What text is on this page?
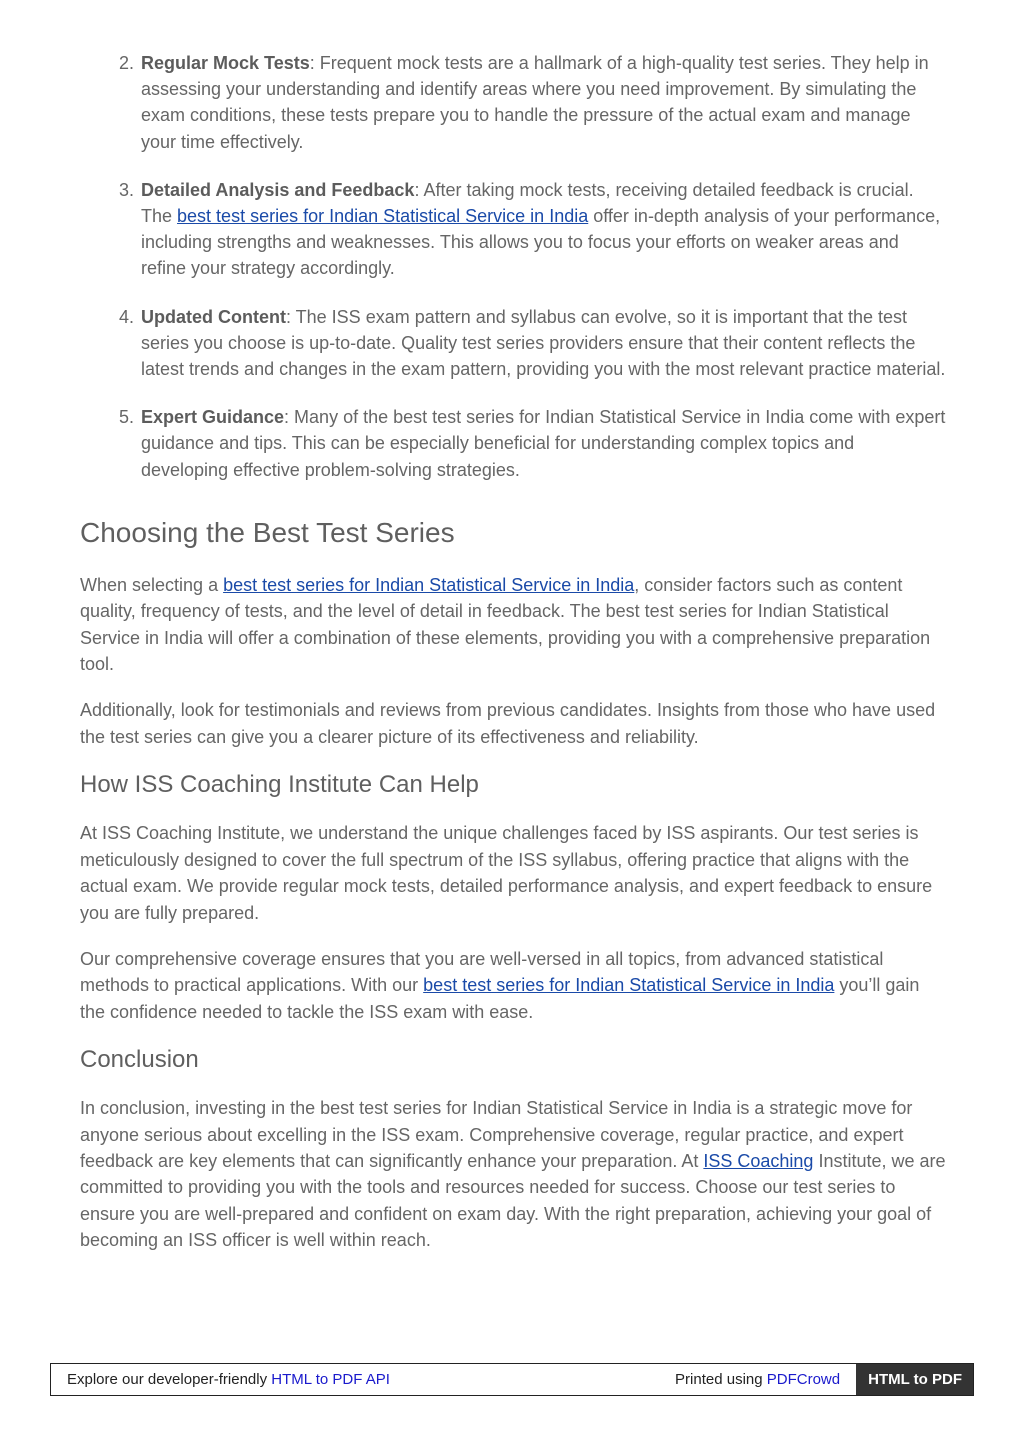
2. Regular Mock Tests: Frequent mock tests are a hallmark of a high-quality test series. They help in assessing your understanding and identify areas where you need improvement. By simulating the exam conditions, these tests prepare you to handle the pressure of the actual exam and manage your time effectively.
3. Detailed Analysis and Feedback: After taking mock tests, receiving detailed feedback is crucial. The best test series for Indian Statistical Service in India offer in-depth analysis of your performance, including strengths and weaknesses. This allows you to focus your efforts on weaker areas and refine your strategy accordingly.
4. Updated Content: The ISS exam pattern and syllabus can evolve, so it is important that the test series you choose is up-to-date. Quality test series providers ensure that their content reflects the latest trends and changes in the exam pattern, providing you with the most relevant practice material.
5. Expert Guidance: Many of the best test series for Indian Statistical Service in India come with expert guidance and tips. This can be especially beneficial for understanding complex topics and developing effective problem-solving strategies.
Choosing the Best Test Series

When selecting a best test series for Indian Statistical Service in India, consider factors such as content quality, frequency of tests, and the level of detail in feedback. The best test series for Indian Statistical Service in India will offer a combination of these elements, providing you with a comprehensive preparation tool.

Additionally, look for testimonials and reviews from previous candidates. Insights from those who have used the test series can give you a clearer picture of its effectiveness and reliability.

How ISS Coaching Institute Can Help

At ISS Coaching Institute, we understand the unique challenges faced by ISS aspirants. Our test series is meticulously designed to cover the full spectrum of the ISS syllabus, offering practice that aligns with the actual exam. We provide regular mock tests, detailed performance analysis, and expert feedback to ensure you are fully prepared.

Our comprehensive coverage ensures that you are well-versed in all topics, from advanced statistical methods to practical applications. With our best test series for Indian Statistical Service in India you’ll gain the confidence needed to tackle the ISS exam with ease.

Conclusion

In conclusion, investing in the best test series for Indian Statistical Service in India is a strategic move for anyone serious about excelling in the ISS exam. Comprehensive coverage, regular practice, and expert feedback are key elements that can significantly enhance your preparation. At ISS Coaching Institute, we are committed to providing you with the tools and resources needed for success. Choose our test series to ensure you are well-prepared and confident on exam day. With the right preparation, achieving your goal of becoming an ISS officer is well within reach.

Explore our developer-friendly HTML to PDF API	Printed using PDFCrowd	HTML to PDF
